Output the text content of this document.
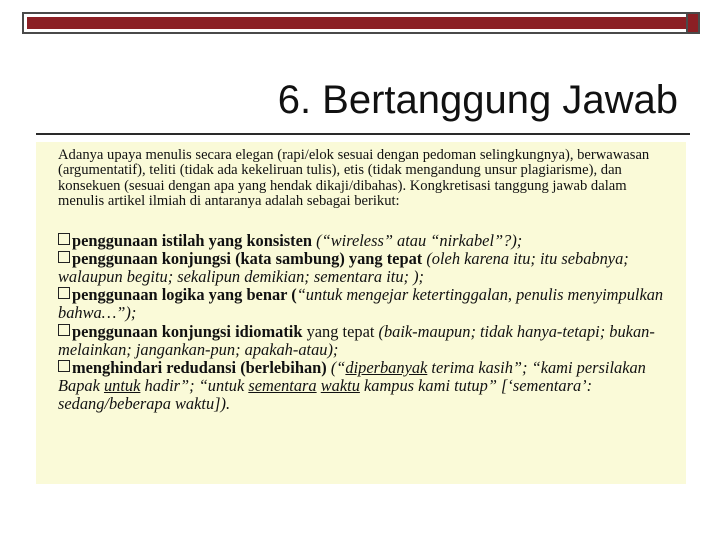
6. Bertanggung Jawab

Adanya upaya menulis secara elegan (rapi/elok sesuai dengan pedoman selingkungnya), berwawasan (argumentatif), teliti (tidak ada kekeliruan tulis), etis (tidak mengandung unsur plagiarisme), dan konsekuen (sesuai dengan apa yang hendak dikaji/dibahas). Kongkretisasi tanggung jawab dalam menulis artikel ilmiah di antaranya adalah sebagai berikut:

penggunaan istilah yang konsisten (“wireless” atau “nirkabel”?);

penggunaan konjungsi (kata sambung) yang tepat (oleh karena itu; itu sebabnya; walaupun begitu; sekalipun demikian; sementara itu; );

penggunaan logika yang benar (“untuk mengejar ketertinggalan, penulis menyimpulkan bahwa…”);

penggunaan konjungsi idiomatik yang tepat (baik-maupun; tidak hanya-tetapi; bukan-melainkan; jangankan-pun; apakah-atau);

menghindari redudansi (berlebihan) (“diperbanyak terima kasih”; “kami persilakan Bapak untuk hadir”; “untuk sementara waktu kampus kami tutup” [‘sementara’: sedang/beberapa waktu]).
